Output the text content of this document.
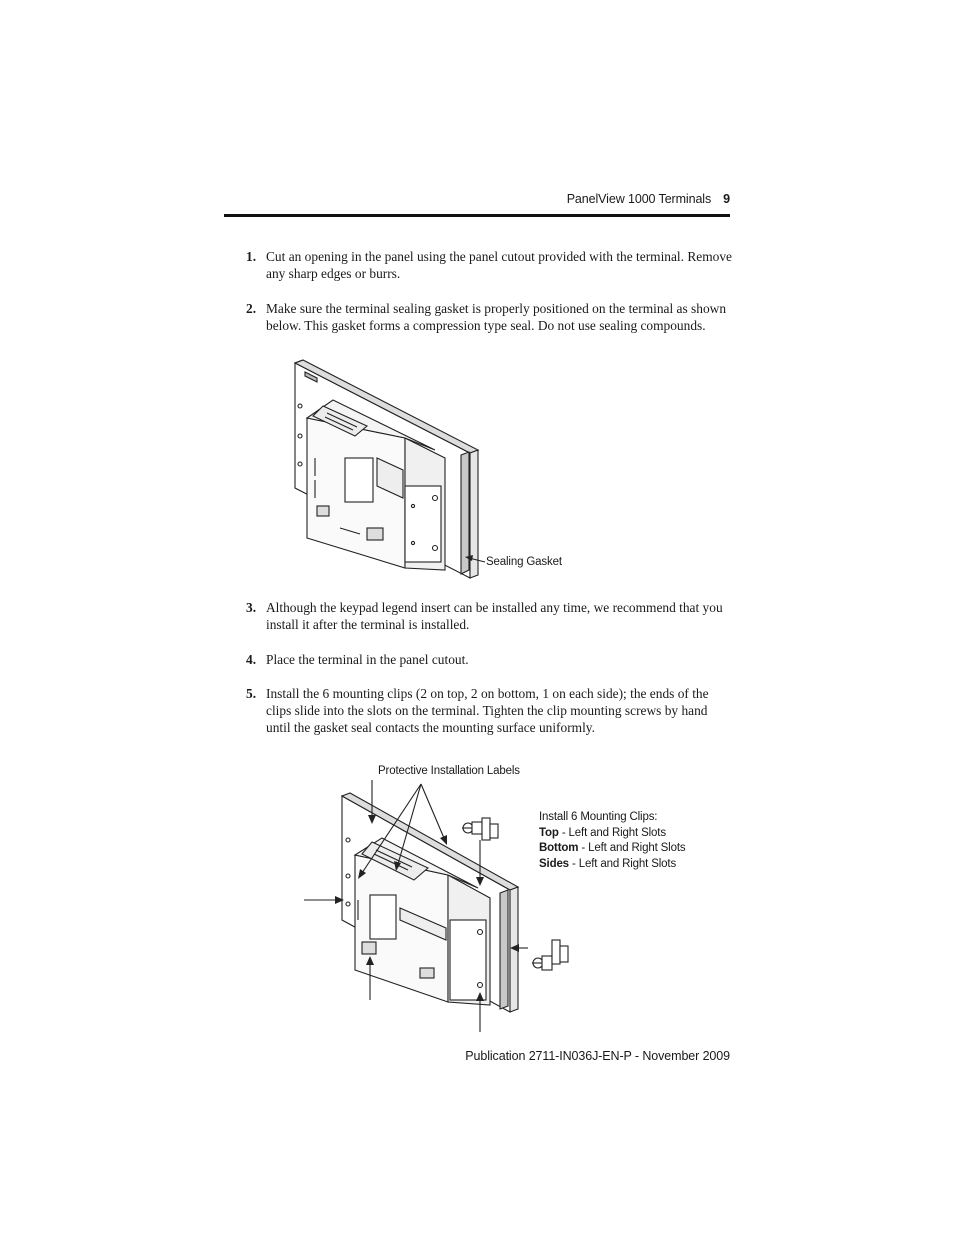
PanelView 1000 Terminals 9
1. Cut an opening in the panel using the panel cutout provided with the terminal. Remove any sharp edges or burrs.
2. Make sure the terminal sealing gasket is properly positioned on the terminal as shown below. This gasket forms a compression type seal. Do not use sealing compounds.
Sealing Gasket
3. Although the keypad legend insert can be installed any time, we recommend that you install it after the terminal is installed.
4. Place the terminal in the panel cutout.
5. Install the 6 mounting clips (2 on top, 2 on bottom, 1 on each side); the ends of the clips slide into the slots on the terminal. Tighten the clip mounting screws by hand until the gasket seal contacts the mounting surface uniformly.
Protective Installation Labels
Install 6 Mounting Clips:
Top - Left and Right Slots
Bottom - Left and Right Slots
Sides - Left and Right Slots
Publication 2711-IN036J-EN-P - November 2009
